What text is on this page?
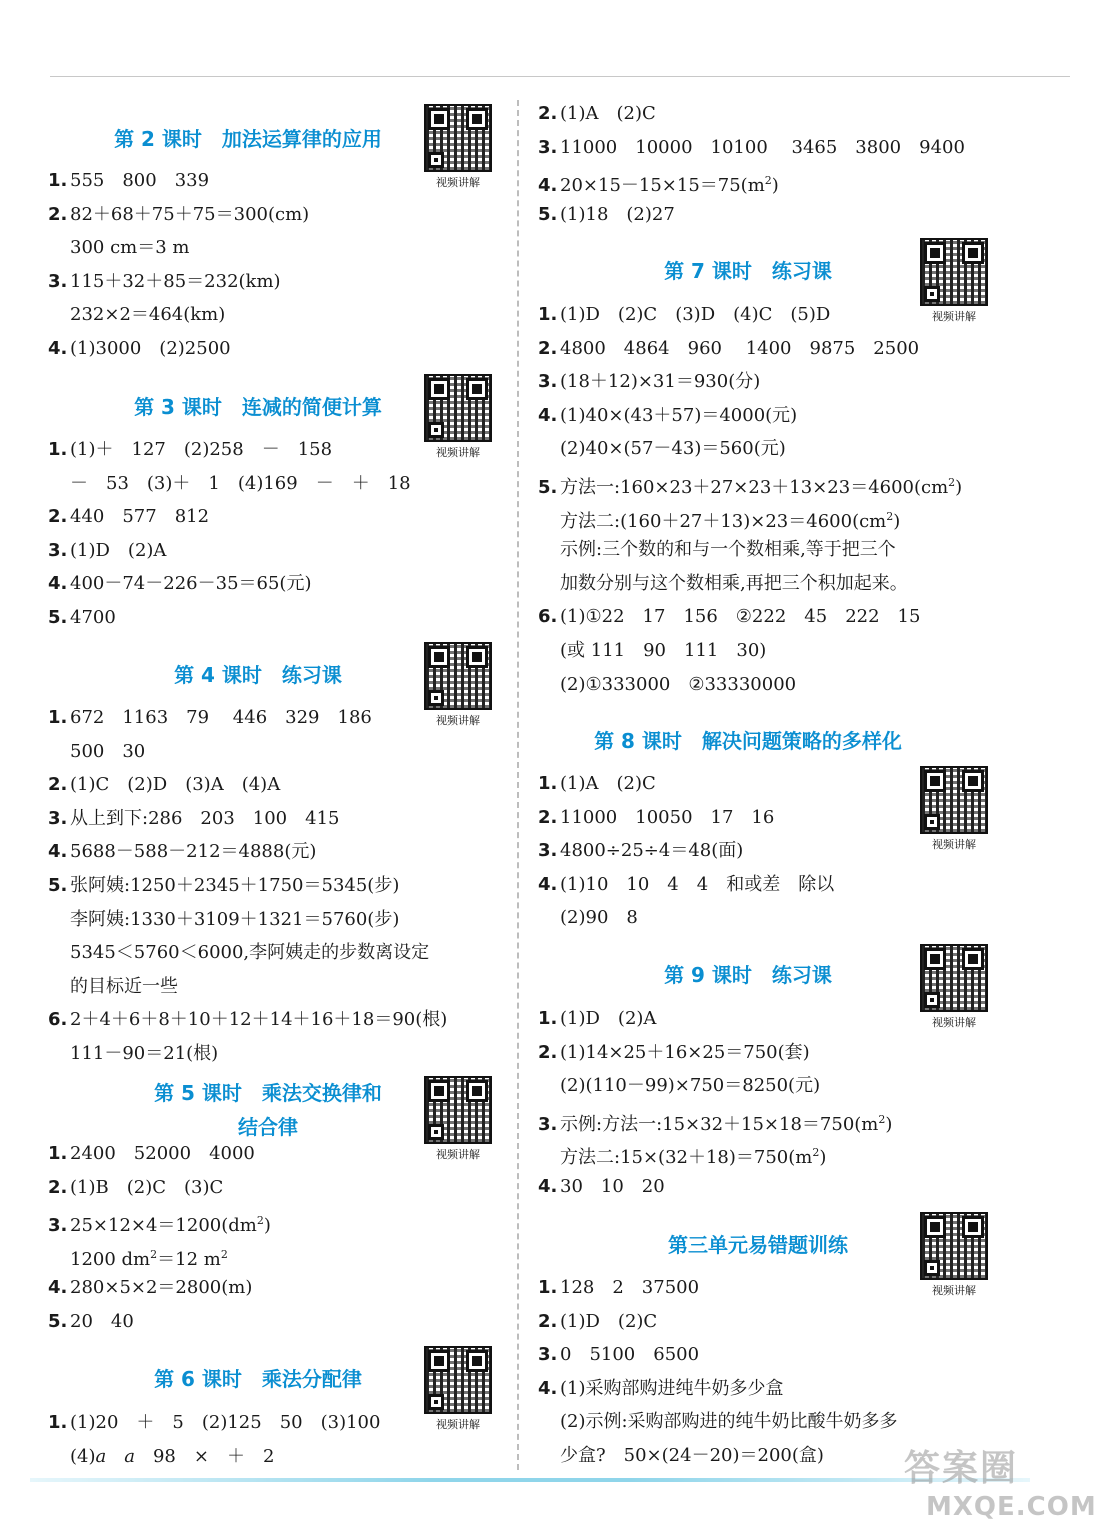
第 2 课时　加法运算律的应用
视频讲解
1. 555　800　339
2. 82＋68＋75＋75＝300(cm)
300 cm＝3 m
3. 115＋32＋85＝232(km)
232×2＝464(km)
4. (1)3000　(2)2500
第 3 课时　连减的简便计算
视频讲解
1. (1)＋　127　(2)258　－　158
－　53　(3)＋　1　(4)169　－　＋　18
2. 440　577　812
3. (1)D　(2)A
4. 400－74－226－35＝65(元)
5. 4700
第 4 课时　练习课
视频讲解
1. 672　1163　79　 446　329　186
500　30
2. (1)C　(2)D　(3)A　(4)A
3. 从上到下:286　203　100　415
4. 5688－588－212＝4888(元)
5. 张阿姨:1250＋2345＋1750＝5345(步)
李阿姨:1330＋3109＋1321＝5760(步)
5345＜5760＜6000,李阿姨走的步数离设定
的目标近一些
6. 2＋4＋6＋8＋10＋12＋14＋16＋18＝90(根)
111－90＝21(根)
第 5 课时　乘法交换律和
结合律
视频讲解
1. 2400　52000　4000
2. (1)B　(2)C　(3)C
3. $25\times 12\times 4=1200(dm^2)$
1200 $dm^2=12$ $m^2$
4. 280×5×2＝2800(m)
5. 20　40
第 6 课时　乘法分配律
视频讲解
1. (1)20　＋　5　(2)125　50　(3)100
(4)a　 a　 98　×　＋　2
2. (1)A　(2)C
3. 11000　10000　10100　 3465　3800　9400
4. $20\times 15-15\times 15=75(m^2)$
5. (1)18　(2)27
第 7 课时　练习课
视频讲解
1. (1)D　(2)C　(3)D　(4)C　(5)D
2. 4800　4864　960　 1400　9875　2500
3. (18＋12)×31＝930(分)
4. (1)40×(43＋57)＝4000(元)
(2)40×(57－43)＝560(元)
5. 方法一$:160\times 23+27\times 23+13\times 23=4600(cm^2)$
方法二$:(160+27+13)\times 23=4600(cm^2)$
示例:三个数的和与一个数相乘,等于把三个
加数分别与这个数相乘,再把三个积加起来。
6. (1)①22　17　156　②222　45　222　15
(或 111　90　111　30)
(2)①333000　②33330000
第 8 课时　解决问题策略的多样化
视频讲解
1. (1)A　(2)C
2. 11000　10050　17　16
3. 4800÷25÷4＝48(面)
4. (1)10　10　4　4　和或差　除以
(2)90　8
第 9 课时　练习课
视频讲解
1. (1)D　(2)A
2. (1)14×25＋16×25＝750(套)
(2)(110－99)×750＝8250(元)
3. 示例:方法一$:15\times 32+15\times 18=750(m^2)$
方法二$:15\times(32+18)=750(m^2)$
4. 30　10　20
第三单元易错题训练
视频讲解
1. 128　2　37500
2. (1)D　(2)C
3. 0　5100　6500
4. (1)采购部购进纯牛奶多少盒
(2)示例:采购部购进的纯牛奶比酸牛奶多多
少盒?　50×(24－20)＝200(盒)	答案圈
MXQE.COM
